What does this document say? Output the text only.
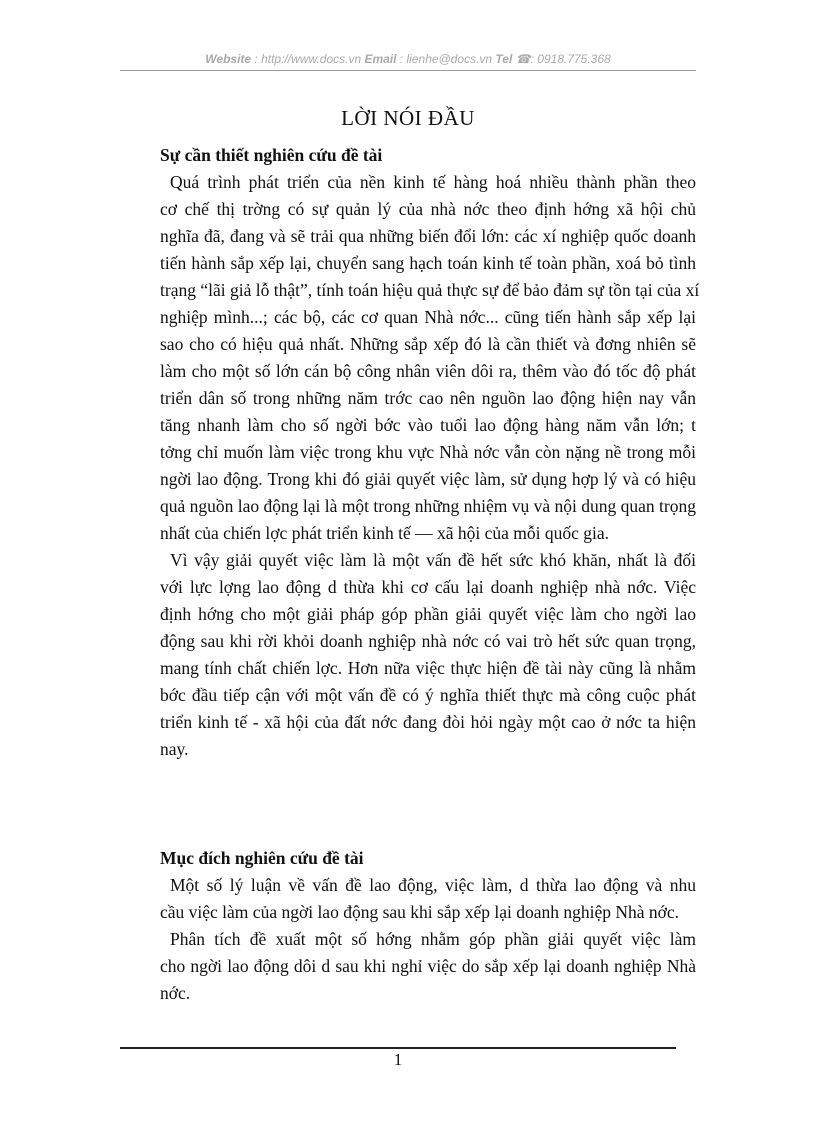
Website : http://www.docs.vn Email : lienhe@docs.vn Tel ☎: 0918.775.368
LỜI NÓI ĐẦU

Sự cần thiết nghiên cứu đề tài

Quá trình phát triển của nền kinh tế hàng hoá nhiều thành phần theo
cơ chế thị trờng có sự quản lý của nhà nớc theo định hớng xã hội chủ
nghĩa đã, đang và sẽ trải qua những biến đổi lớn: các xí nghiệp quốc doanh
tiến hành sắp xếp lại, chuyển sang hạch toán kinh tế toàn phần, xoá bỏ tình
trạng “lãi giả lỗ thật”, tính toán hiệu quả thực sự để bảo đảm sự tồn tại của xí
nghiệp mình...; các bộ, các cơ quan Nhà nớc... cũng tiến hành sắp xếp lại
sao cho có hiệu quả nhất. Những sắp xếp đó là cần thiết và đơng nhiên sẽ
làm cho một số lớn cán bộ công nhân viên dôi ra, thêm vào đó tốc độ phát
triển dân số trong những năm trớc cao nên nguồn lao động hiện nay vẫn
tăng nhanh làm cho số ngời bớc vào tuổi lao động hàng năm vẫn lớn; t
tởng chỉ muốn làm việc trong khu vực Nhà nớc vẫn còn nặng nề trong mỗi
ngời lao động. Trong khi đó giải quyết việc làm, sử dụng hợp lý và có hiệu
quả nguồn lao động lại là một trong những nhiệm vụ và nội dung quan trọng
nhất của chiến lợc phát triển kinh tế — xã hội của mỗi quốc gia.
Vì vậy giải quyết việc làm là một vấn đề hết sức khó khăn, nhất là đối
với lực lợng lao động d thừa khi cơ cấu lại doanh nghiệp nhà nớc. Việc
định hớng cho một giải pháp góp phần giải quyết việc làm cho ngời lao
động sau khi rời khỏi doanh nghiệp nhà nớc có vai trò hết sức quan trọng,
mang tính chất chiến lợc. Hơn nữa việc thực hiện đề tài này cũng là nhằm
bớc đầu tiếp cận với một vấn đề có ý nghĩa thiết thực mà công cuộc phát
triển kinh tế - xã hội của đất nớc đang đòi hỏi ngày một cao ở nớc ta hiện
nay.

Mục đích nghiên cứu đề tài

Một số lý luận về vấn đề lao động, việc làm, d thừa lao động và nhu
cầu việc làm của ngời lao động sau khi sắp xếp lại doanh nghiệp Nhà nớc.
Phân tích đề xuất một số hớng nhằm góp phần giải quyết việc làm
cho ngời lao động dôi d sau khi nghỉ việc do sắp xếp lại doanh nghiệp Nhà
nớc.
1
